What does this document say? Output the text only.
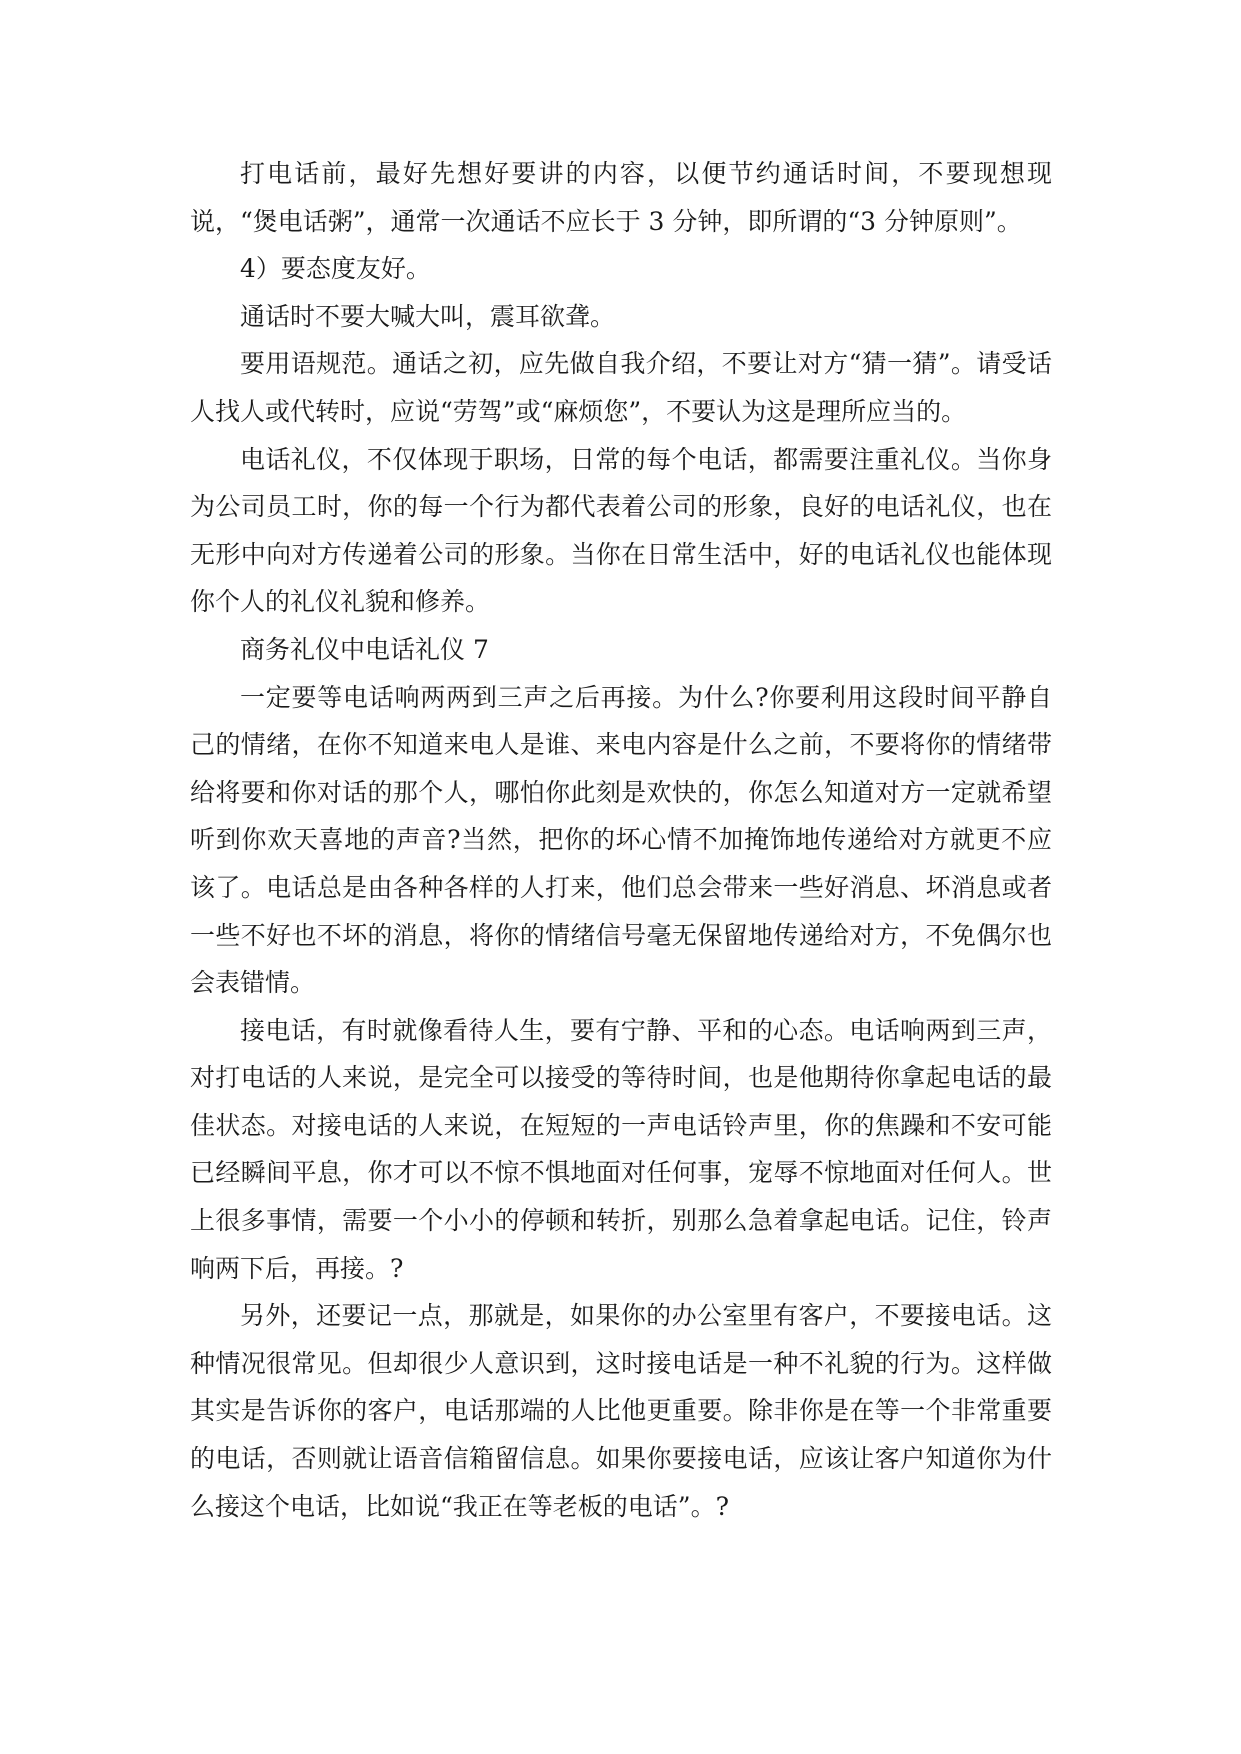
打电话前，最好先想好要讲的内容，以便节约通话时间，不要现想现说，“煲电话粥”，通常一次通话不应长于 3 分钟，即所谓的“3 分钟原则”。

4）要态度友好。

通话时不要大喊大叫，震耳欲聋。

要用语规范。通话之初，应先做自我介绍，不要让对方“猜一猜”。请受话人找人或代转时，应说“劳驾”或“麻烦您”，不要认为这是理所应当的。

电话礼仪，不仅体现于职场，日常的每个电话，都需要注重礼仪。当你身为公司员工时，你的每一个行为都代表着公司的形象，良好的电话礼仪，也在无形中向对方传递着公司的形象。当你在日常生活中，好的电话礼仪也能体现你个人的礼仪礼貌和修养。

商务礼仪中电话礼仪 7

一定要等电话响两两到三声之后再接。为什么?你要利用这段时间平静自己的情绪，在你不知道来电人是谁、来电内容是什么之前，不要将你的情绪带给将要和你对话的那个人，哪怕你此刻是欢快的，你怎么知道对方一定就希望听到你欢天喜地的声音?当然，把你的坏心情不加掩饰地传递给对方就更不应该了。电话总是由各种各样的人打来，他们总会带来一些好消息、坏消息或者一些不好也不坏的消息，将你的情绪信号毫无保留地传递给对方，不免偶尔也会表错情。

接电话，有时就像看待人生，要有宁静、平和的心态。电话响两到三声，对打电话的人来说，是完全可以接受的等待时间，也是他期待你拿起电话的最佳状态。对接电话的人来说，在短短的一声电话铃声里，你的焦躁和不安可能已经瞬间平息，你才可以不惊不惧地面对任何事，宠辱不惊地面对任何人。世上很多事情，需要一个小小的停顿和转折，别那么急着拿起电话。记住，铃声响两下后，再接。?

另外，还要记一点，那就是，如果你的办公室里有客户，不要接电话。这种情况很常见。但却很少人意识到，这时接电话是一种不礼貌的行为。这样做其实是告诉你的客户，电话那端的人比他更重要。除非你是在等一个非常重要的电话，否则就让语音信箱留信息。如果你要接电话，应该让客户知道你为什么接这个电话，比如说“我正在等老板的电话”。?
